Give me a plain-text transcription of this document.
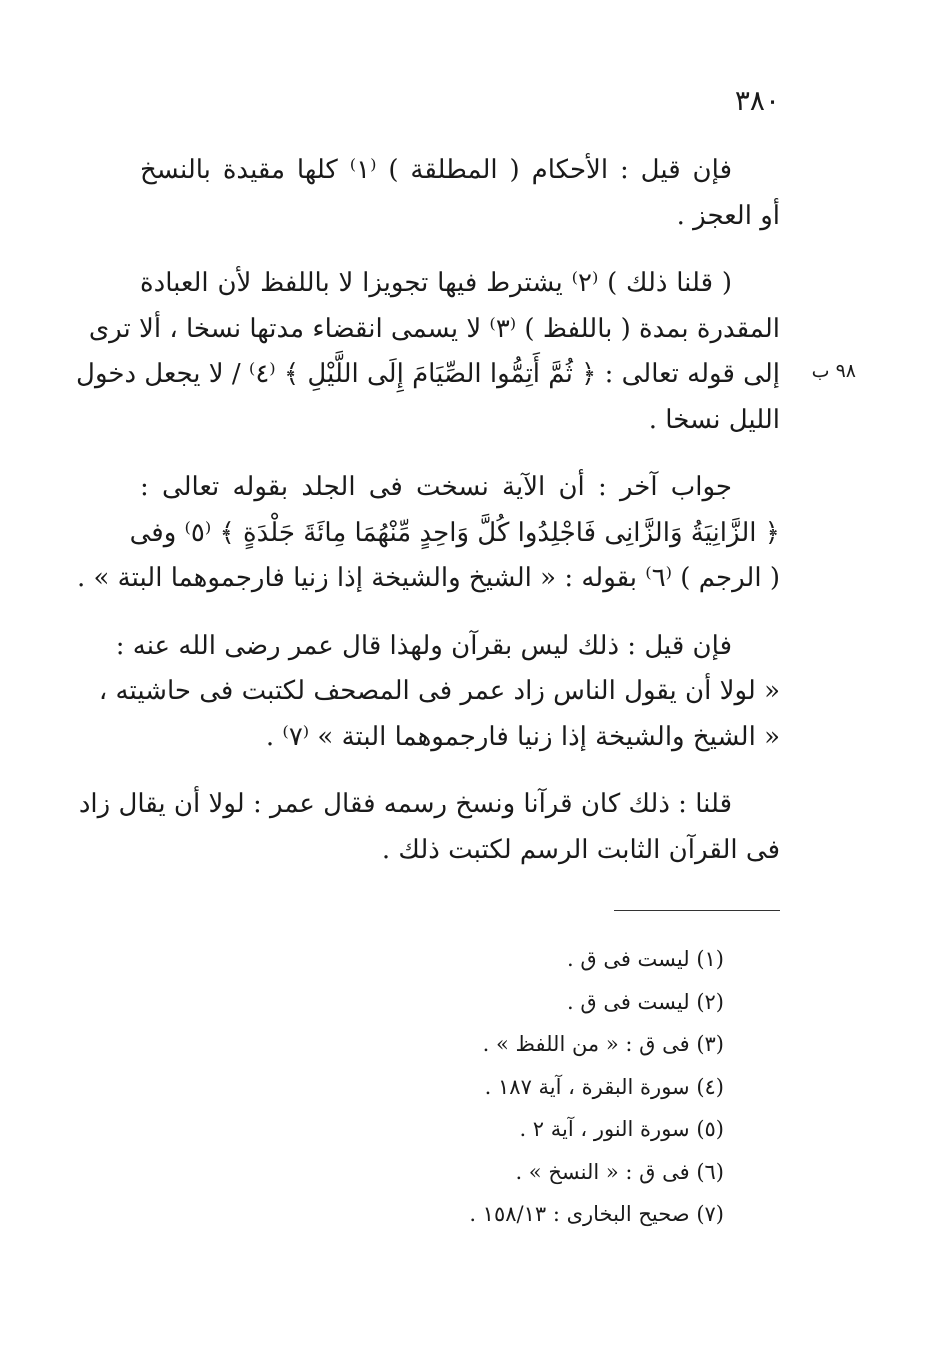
٣٨٠
٩٨ ب

فإن قيل : الأحكام ( المطلقة ) ⁽١⁾ كلها مقيدة بالنسخ
أو العجز .

( قلنا ذلك ) ⁽٢⁾ يشترط فيها تجويزا لا باللفظ لأن العبادة
المقدرة بمدة ( باللفظ ) ⁽٣⁾ لا يسمى انقضاء مدتها نسخا ، ألا ترى
إلى قوله تعالى : ﴿ ثُمَّ أَتِمُّوا الصِّيَامَ إِلَى اللَّيْلِ ﴾ ⁽٤⁾ / لا يجعل دخول
الليل نسخا .

جواب آخر : أن الآية نسخت فى الجلد بقوله تعالى :
﴿ الزَّانِيَةُ وَالزَّانِى فَاجْلِدُوا كُلَّ وَاحِدٍ مِّنْهُمَا مِائَةَ جَلْدَةٍ ﴾ ⁽٥⁾ وفى
( الرجم ) ⁽٦⁾ بقوله : « الشيخ والشيخة إذا زنيا فارجموهما البتة » .

فإن قيل : ذلك ليس بقرآن ولهذا قال عمر رضى الله عنه :
« لولا أن يقول الناس زاد عمر فى المصحف لكتبت فى حاشيته ،
« الشيخ والشيخة إذا زنيا فارجموهما البتة » ⁽٧⁾ .

قلنا : ذلك كان قرآنا ونسخ رسمه فقال عمر : لولا أن يقال زاد
فى القرآن الثابت الرسم لكتبت ذلك .

(١) ليست فى ق .
(٢) ليست فى ق .
(٣) فى ق : « من اللفظ » .
(٤) سورة البقرة ، آية ١٨٧ .
(٥) سورة النور ، آية ٢ .
(٦) فى ق : « النسخ » .
(٧) صحيح البخارى : ١٥٨/١٣ .
